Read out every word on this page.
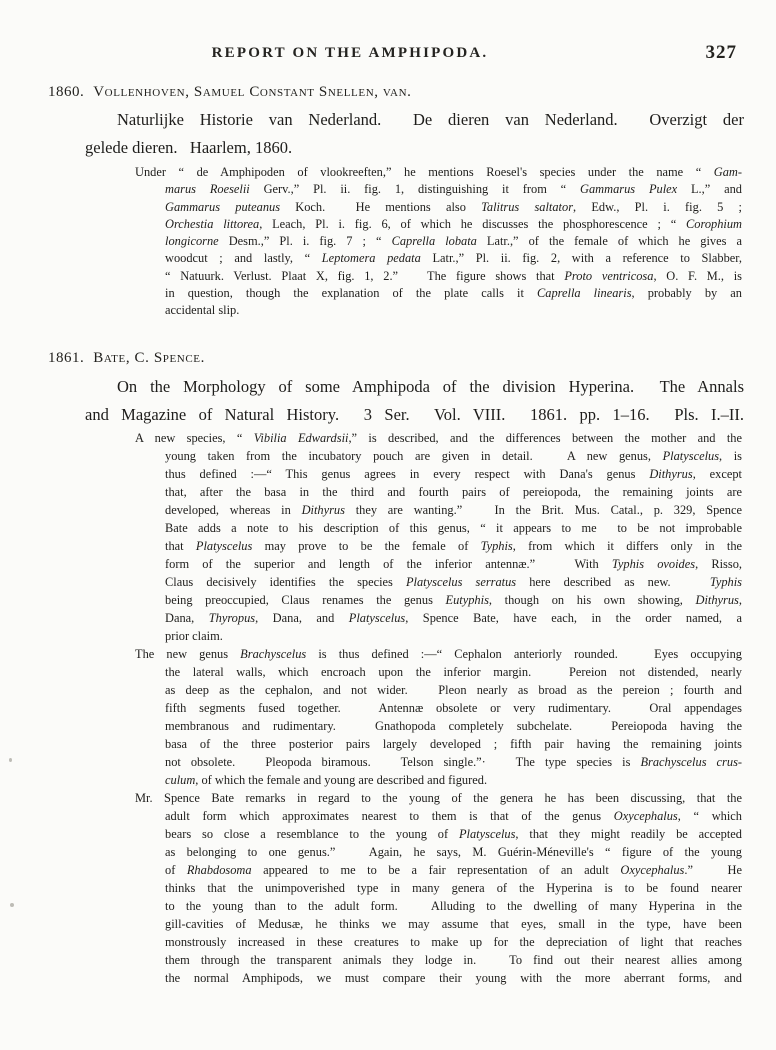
REPORT ON THE AMPHIPODA.	327
1860. Vollenhoven, Samuel Constant Snellen, van.
Naturlijke Historie van Nederland.  De dieren van Nederland.  Overzigt der
gelede dieren.   Haarlem, 1860.
Under “ de Amphipoden of vlookreeften,” he mentions Roesel's species under the name “ Gam-
marus Roeselii Gerv.,” Pl. ii. fig. 1, distinguishing it from “ Gammarus Pulex L.,” and
Gammarus puteanus Koch.  He mentions also Talitrus saltator, Edw., Pl. i. fig. 5 ;
Orchestia littorea, Leach, Pl. i. fig. 6, of which he discusses the phosphorescence ; “ Corophium
longicorne Desm.,” Pl. i. fig. 7 ; “ Caprella lobata Latr.,” of the female of which he gives a
woodcut ; and lastly, “ Leptomera pedata Latr.,” Pl. ii. fig. 2, with a reference to Slabber,
“ Natuurk. Verlust. Plaat X, fig. 1, 2.”   The figure shows that Proto ventricosa, O. F. M., is
in question, though the explanation of the plate calls it Caprella linearis, probably by an
accidental slip.
1861. Bate, C. Spence.
On the Morphology of some Amphipoda of the division Hyperina.  The Annals
and Magazine of Natural History.  3 Ser.  Vol. VIII.  1861. pp. 1–16.  Pls. I.–II.
A new species, “ Vibilia Edwardsii,” is described, and the differences between the mother and the
young taken from the incubatory pouch are given in detail.   A new genus, Platyscelus, is
thus defined :—“ This genus agrees in every respect with Dana's genus Dithyrus, except
that, after the basa in the third and fourth pairs of pereiopoda, the remaining joints are
developed, whereas in Dithyrus they are wanting.”   In the Brit. Mus. Catal., p. 329, Spence
Bate adds a note to his description of this genus, “ it appears to me  to be not improbable
that Platyscelus may prove to be the female of Typhis, from which it differs only in the
form of the superior and length of the inferior antennæ.”   With Typhis ovoides, Risso,
Claus decisively identifies the species Platyscelus serratus here described as new.   Typhis
being preoccupied, Claus renames the genus Eutyphis, though on his own showing, Dithyrus,
Dana, Thyropus, Dana, and Platyscelus, Spence Bate, have each, in the order named, a
prior claim.
The new genus Brachyscelus is thus defined :—“ Cephalon anteriorly rounded.   Eyes occupying
the lateral walls, which encroach upon the inferior margin.   Pereion not distended, nearly
as deep as the cephalon, and not wider.   Pleon nearly as broad as the pereion ; fourth and
fifth segments fused together.   Antennæ obsolete or very rudimentary.   Oral appendages
membranous and rudimentary.   Gnathopoda completely subchelate.   Pereiopoda having the
basa of the three posterior pairs largely developed ; fifth pair having the remaining joints
not obsolete.   Pleopoda biramous.   Telson single.”·   The type species is Brachyscelus crus-
culum, of which the female and young are described and figured.
Mr. Spence Bate remarks in regard to the young of the genera he has been discussing, that the
adult form which approximates nearest to them is that of the genus Oxycephalus, “ which
bears so close a resemblance to the young of Platyscelus, that they might readily be accepted
as belonging to one genus.”   Again, he says, M. Guérin-Méneville's “ figure of the young
of Rhabdosoma appeared to me to be a fair representation of an adult Oxycephalus.”   He
thinks that the unimpoverished type in many genera of the Hyperina is to be found nearer
to the young than to the adult form.   Alluding to the dwelling of many Hyperina in the
gill-cavities of Medusæ, he thinks we may assume that eyes, small in the type, have been
monstrously increased in these creatures to make up for the depreciation of light that reaches
them through the transparent animals they lodge in.   To find out their nearest allies among
the normal Amphipods, we must compare their young with the more aberrant forms, and
